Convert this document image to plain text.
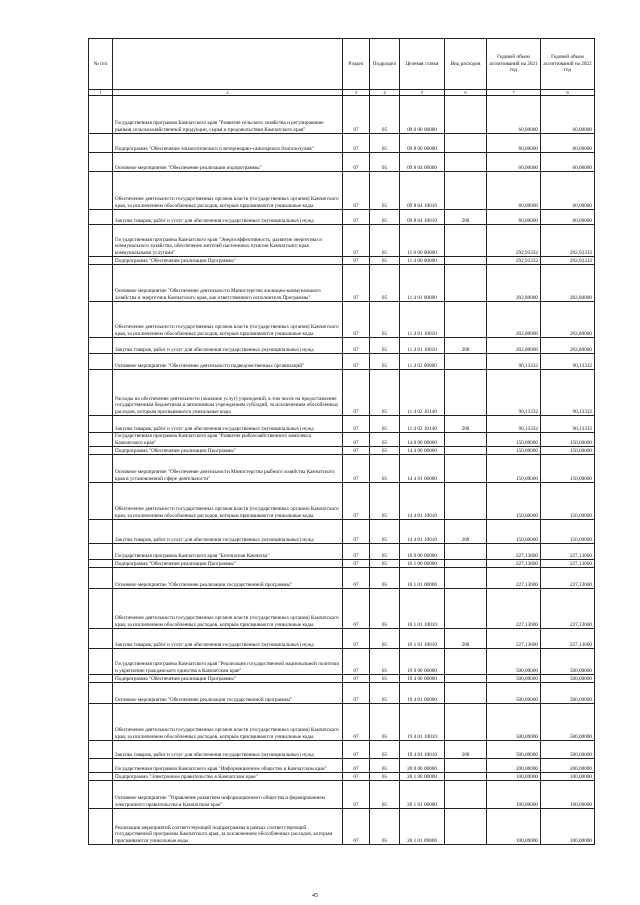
№ п/п		Раздел	Подраздел	Целевая статья	Вид расходов	Годовой объем ассигнований на 2021 год	Годовой объем ассигнований на 2022 год
1	2	3	4	5	6	7	8
	Государственная программа Камчатского края "Развитие сельского хозяйства и регулирование рынков сельскохозяйственной продукции, сырья и продовольствия Камчатского края"	07	05	09 0 00 00000		60,00000	60,00000
	Подпрограмма "Обеспечение эпизоотического и ветеринарно-санитарного благополучия"	07	05	09 8 00 00000		60,00000	60,00000
	Основное мероприятие "Обеспечение реализации подпрограммы"	07	05	09 8 04 00000		60,00000	60,00000
	Обеспечение деятельности государственных органов власти (государственных органов) Камчатского края, за исключением обособленных расходов, которым присваиваются уникальные коды.	07	05	09 8 04 10010		60,00000	60,00000
	Закупка товаров, работ и услуг для обеспечения государственных (муниципальных) нужд	07	05	09 8 04 10010	200	60,00000	60,00000
	Государственная программа Камчатского края "Энергоэффективность, развитие энергетики и коммунального хозяйства, обеспечение жителей населенных пунктов Камчатского края коммунальными услугами"	07	05	11 0 00 00000		292,93332	292,93332
	Подпрограмма "Обеспечение реализации Программы"	07	05	11 4 00 00000		292,93332	292,93332
	Основное мероприятие "Обеспечение деятельности Министерства жилищно-коммунального хозяйства и энергетики Камчатского края, как ответственного исполнителя Программы"	07	05	11 4 01 00000		202,80000	202,80000
	Обеспечение деятельности государственных органов власти (государственных органов) Камчатского края, за исключением обособленных расходов, которым присваиваются уникальные коды.	07	05	11 4 01 10010		202,80000	202,80000
	Закупка товаров, работ и услуг для обеспечения государственных (муниципальных) нужд	07	05	11 4 01 10010	200	202,80000	202,80000
	Основное мероприятие "Обеспечение деятельности подведомственных организаций"	07	05	11 4 02 00000		90,13332	90,13332
	Расходы на обеспечение деятельности (оказание услуг) учреждений, в том числе на предоставление государственным бюджетным и автономным учреждениям субсидий, за исключением обособленных расходов, которым присваиваются уникальные коды	07	05	11 4 02 10140		90,13332	90,13332
	Закупка товаров, работ и услуг для обеспечения государственных (муниципальных) нужд	07	05	11 4 02 10140	200	90,13332	90,13332
	Государственная программа Камчатского края "Развитие рыбохозяйственного комплекса Камчатского края"	07	05	14 0 00 00000		150,00000	150,00000
	Подпрограмма "Обеспечение реализации Программы"	07	05	14 4 00 00000		150,00000	150,00000
	Основное мероприятие "Обеспечение деятельности Министерства рыбного хозяйства Камчатского края в установленной сфере деятельности"	07	05	14 4 01 00000		150,00000	150,00000
	Обеспечение деятельности государственных органов власти (государственных органов) Камчатского края, за исключением обособленных расходов, которым присваиваются уникальные коды.	07	05	14 4 01 10010		150,00000	150,00000
	Закупка товаров, работ и услуг для обеспечения государственных (муниципальных) нужд	07	05	14 4 01 10010	200	150,00000	150,00000
	Государственная программа Камчатского края "Безопасная Камчатка"	07	05	16 0 00 00000		227,13600	227,13600
	Подпрограмма "Обеспечение реализации Программы"	07	05	16 1 00 00000		227,13600	227,13600
	Основное мероприятие "Обеспечение реализации государственной программы"	07	05	16 1 01 00000		227,13600	227,13600
	Обеспечение деятельности государственных органов власти (государственных органов) Камчатского края, за исключением обособленных расходов, которым присваиваются уникальные коды.	07	05	16 1 01 10010		227,13600	227,13600
	Закупка товаров, работ и услуг для обеспечения государственных (муниципальных) нужд	07	05	16 1 01 10010	200	227,13600	227,13600
	Государственная программа Камчатского края "Реализация государственной национальной политики и укрепление гражданского единства в Камчатском крае"	07	05	19 0 00 00000		500,00000	500,00000
	Подпрограмма "Обеспечение реализации Программы"	07	05	19 4 00 00000		500,00000	500,00000
	Основное мероприятие "Обеспечение реализации государственной программы"	07	05	19 4 01 00000		500,00000	500,00000
	Обеспечение деятельности государственных органов власти (государственных органов) Камчатского края, за исключением обособленных расходов, которым присваиваются уникальные коды.	07	05	19 4 01 10010		500,00000	500,00000
	Закупка товаров, работ и услуг для обеспечения государственных (муниципальных) нужд	07	05	19 4 01 10010	200	500,00000	500,00000
	Государственная программа Камчатского края "Информационное общество в Камчатском крае"	07	05	20 0 00 00000		200,00000	200,00000
	Подпрограмма "Электронное правительство в Камчатском крае"	07	05	20 1 00 00000		100,00000	100,00000
	Основное мероприятие "Управление развитием информационного общества и формированием электронного правительства в Камчатском крае"	07	05	20 1 01 00000		100,00000	100,00000
	Реализация мероприятий соответствующей подпрограммы в рамках соответствующей государственной программы Камчатского края, за исключением обособленных расходов, которым присваиваются уникальные коды	07	05	20 1 01 09000		100,00000	100,00000
45
